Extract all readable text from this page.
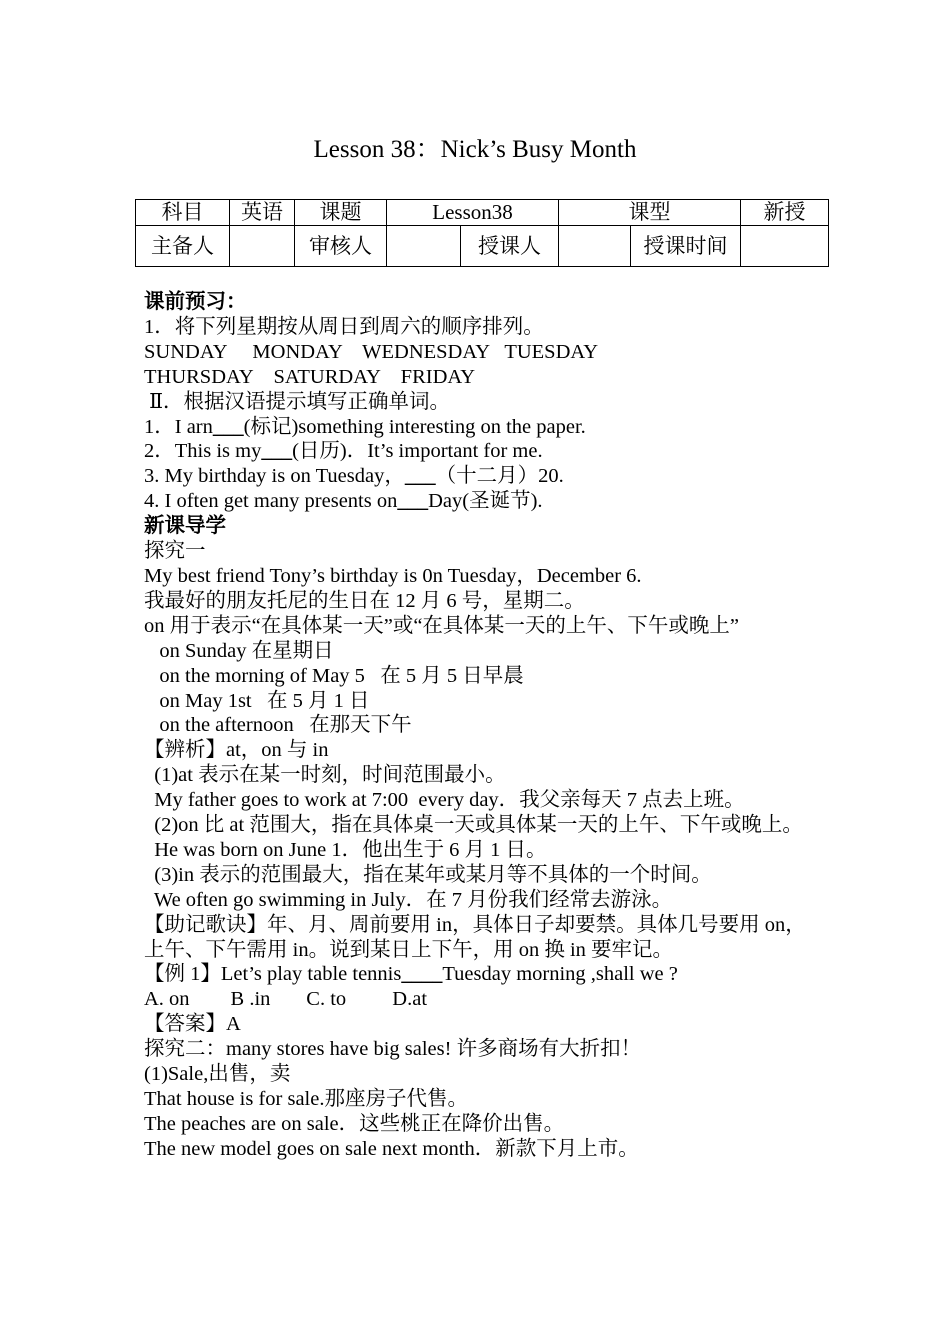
Lesson 38：Nick’s Busy Month
科目	英语	课题	Lesson38		课型		新授
主备人		审核人		授课人		授课时间	
课前预习：
1．将下列星期按从周日到周六的顺序排列。
SUNDAY     MONDAY    WEDNESDAY   TUESDAY
THURSDAY    SATURDAY    FRIDAY
Ⅱ．根据汉语提示填写正确单词。
1．I arn___(标记)something interesting on the paper.
2．This is my___(日历)．It’s important for me.
3. My birthday is on Tuesday，___（十二月）20.
4. I often get many presents on___Day(圣诞节).
新课导学
探究一
My best friend Tony’s birthday is 0n Tuesday，December 6.
我最好的朋友托尼的生日在 12 月 6 号，星期二。
on 用于表示“在具体某一天”或“在具体某一天的上午、下午或晚上”
on Sunday 在星期日
on the morning of May 5   在 5 月 5 日早晨
on May 1st   在 5 月 1 日
on the afternoon   在那天下午
【辨析】at，on 与 in
(1)at 表示在某一时刻，时间范围最小。
My father goes to work at 7:00  every day．我父亲每天 7 点去上班。
(2)on 比 at 范围大，指在具体桌一天或具体某一天的上午、下午或晚上。
He was born on June 1．他出生于 6 月 1 日。
(3)in 表示的范围最大，指在某年或某月等不具体的一个时间。
We often go swimming in July．在 7 月份我们经常去游泳。
【助记歌诀】年、月、周前要用 in，具体日子却要禁。具体几号要用 on，上午、下午需用 in。说到某日上下午，用 on 换 in 要牢记。
【例 1】Let’s play table tennis____Tuesday morning ,shall we ?
A. on        B .in       C. to         D.at
【答案】A
探究二：many stores have big sales! 许多商场有大折扣！
(1)Sale,出售，卖
That house is for sale.那座房子代售。
The peaches are on sale．这些桃正在降价出售。
The new model goes on sale next month．新款下月上市。
